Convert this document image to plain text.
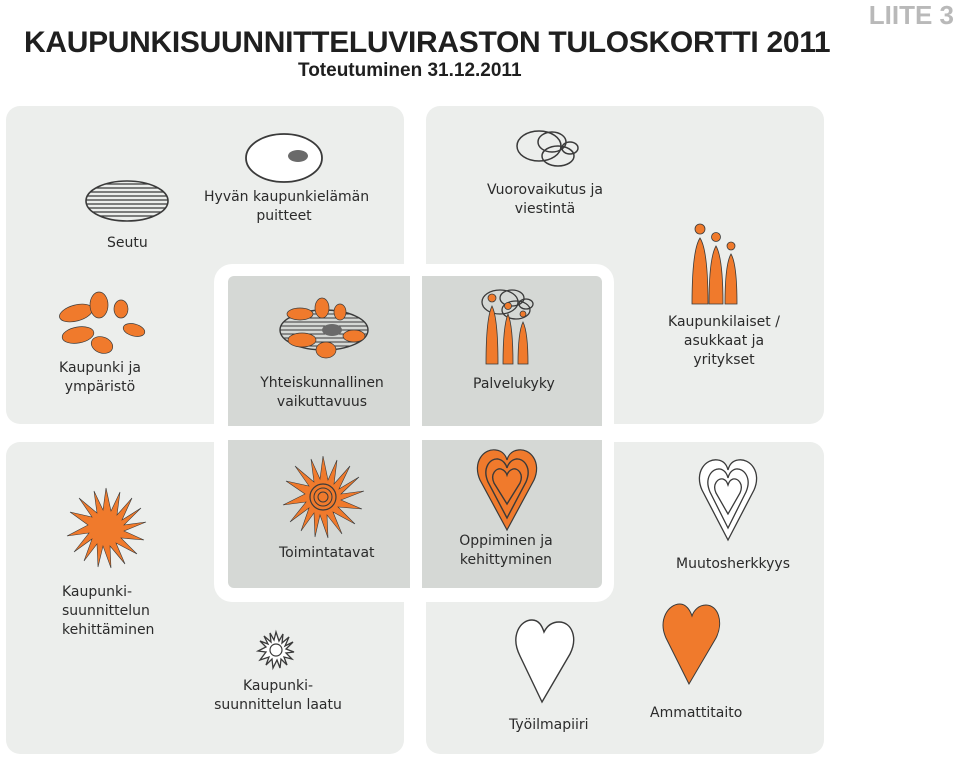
KAUPUNKISUUNNITTELUVIRASTON TULOSKORTTI 2011
Toteutuminen 31.12.2011
LIITE 3
Seutu
Hyvän kaupunkielämän
puitteet
Vuorovaikutus ja
viestintä
Kaupunki ja
ympäristö	Yhteiskunnallinen
vaikuttavuus
Palvelukyky
Kaupunkilaiset /
asukkaat ja
yritykset
Toimintatavat
Oppiminen ja
kehittyminen	Muutosherkkyys
Kaupunki-
suunnittelun
kehittäminen
Kaupunki-
suunnittelun laatu
Työilmapiiri
Ammattitaito
